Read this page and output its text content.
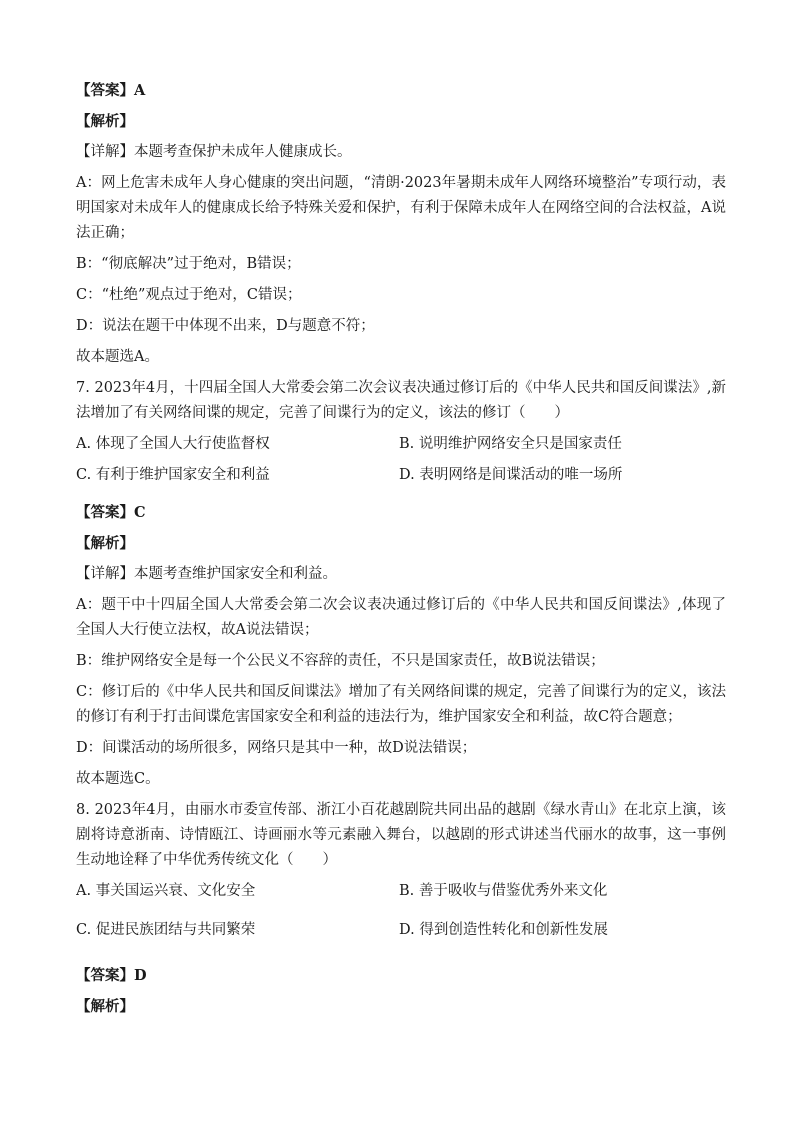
【答案】A
【解析】
【详解】本题考查保护未成年人健康成长。
A：网上危害未成年人身心健康的突出问题，“清朗·2023年暑期未成年人网络环境整治”专项行动，表明国家对未成年人的健康成长给予特殊关爱和保护，有利于保障未成年人在网络空间的合法权益，A说法正确；
B：“彻底解决”过于绝对，B错误；
C：“杜绝”观点过于绝对，C错误；
D：说法在题干中体现不出来，D与题意不符；
故本题选A。
7. 2023年4月，十四届全国人大常委会第二次会议表决通过修订后的《中华人民共和国反间谍法》,新法增加了有关网络间谍的规定，完善了间谍行为的定义，该法的修订（　　）
A. 体现了全国人大行使监督权	B. 说明维护网络安全只是国家责任
C. 有利于维护国家安全和利益	D. 表明网络是间谍活动的唯一场所
【答案】C
【解析】
【详解】本题考查维护国家安全和利益。
A：题干中十四届全国人大常委会第二次会议表决通过修订后的《中华人民共和国反间谍法》,体现了全国人大行使立法权，故A说法错误；
B：维护网络安全是每一个公民义不容辞的责任，不只是国家责任，故B说法错误；
C：修订后的《中华人民共和国反间谍法》增加了有关网络间谍的规定，完善了间谍行为的定义，该法的修订有利于打击间谍危害国家安全和利益的违法行为，维护国家安全和利益，故C符合题意；
D：间谍活动的场所很多，网络只是其中一种，故D说法错误；
故本题选C。
8. 2023年4月，由丽水市委宣传部、浙江小百花越剧院共同出品的越剧《绿水青山》在北京上演，该剧将诗意浙南、诗情瓯江、诗画丽水等元素融入舞台，以越剧的形式讲述当代丽水的故事，这一事例生动地诠释了中华优秀传统文化（　　）
A. 事关国运兴衰、文化安全	B. 善于吸收与借鉴优秀外来文化
C. 促进民族团结与共同繁荣	D. 得到创造性转化和创新性发展
【答案】D
【解析】
